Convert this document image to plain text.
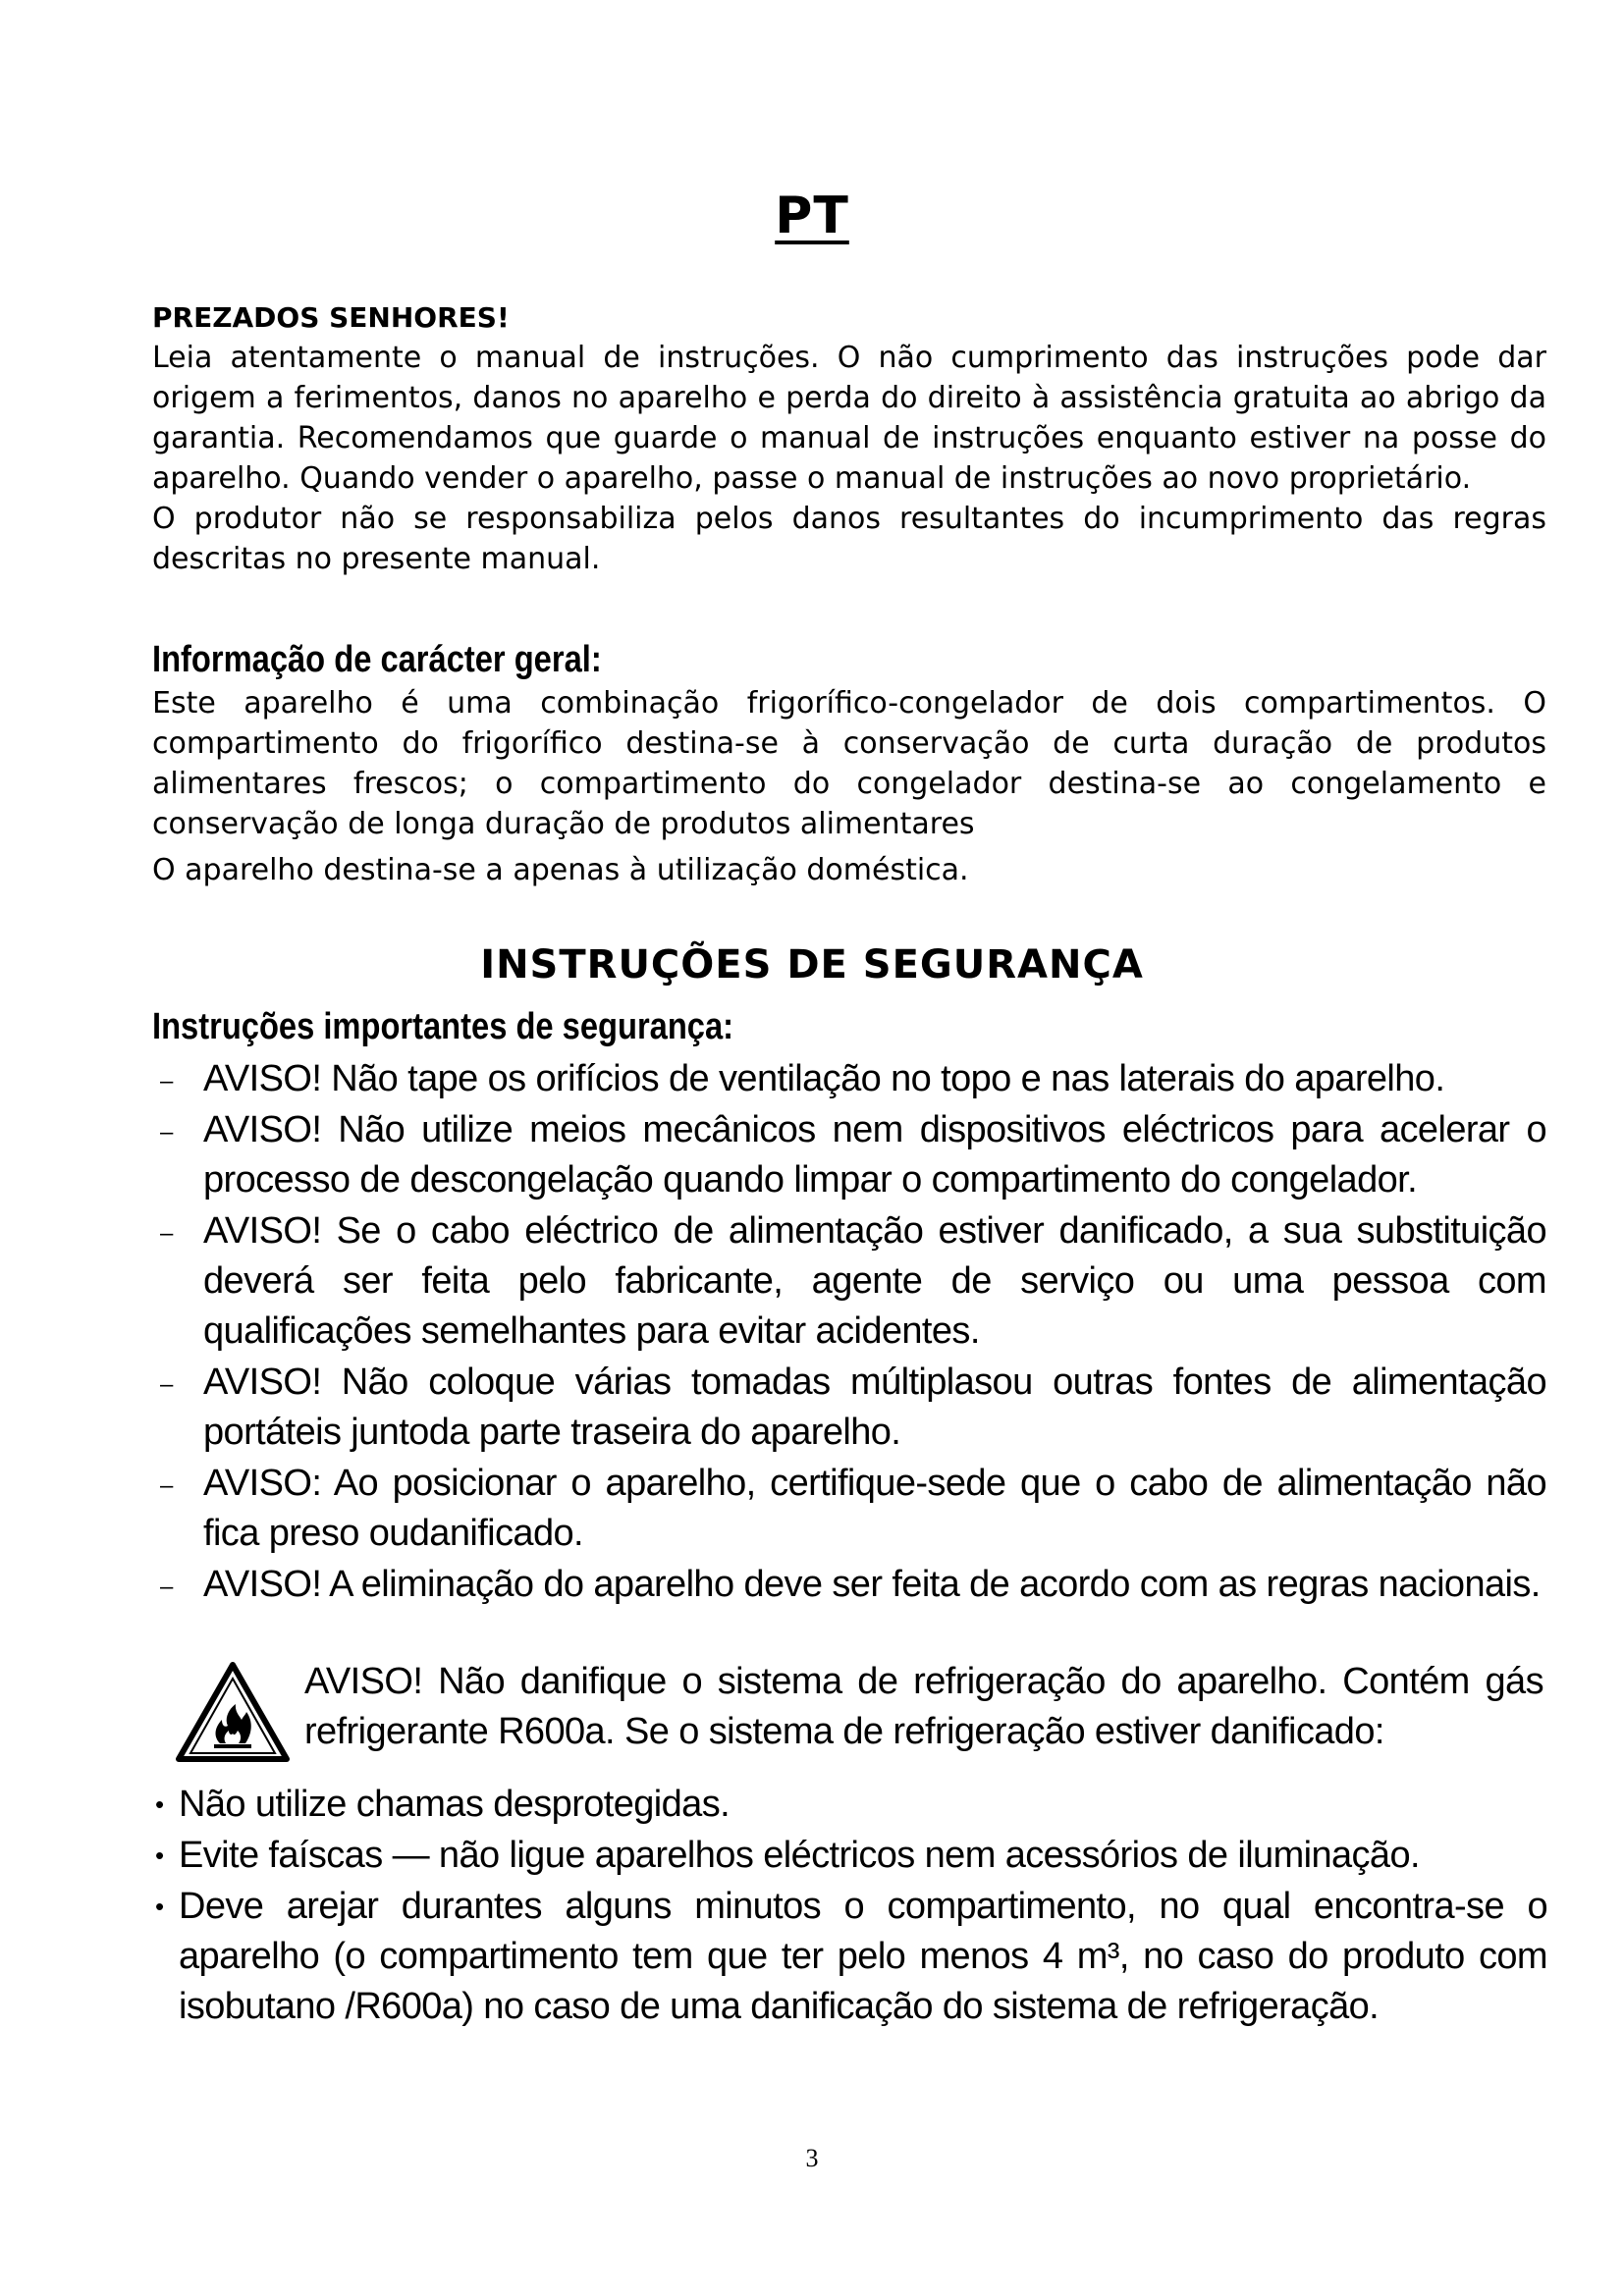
PT

PREZADOS SENHORES!

Leia atentamente o manual de instruções. O não cumprimento das instruções pode dar origem a ferimentos, danos no aparelho e perda do direito à assistência gratuita ao abrigo da garantia. Recomendamos que guarde o manual de instruções enquanto estiver na posse do aparelho. Quando vender o aparelho, passe o manual de instruções ao novo proprietário.

O produtor não se responsabiliza pelos danos resultantes do incumprimento das regras descritas no presente manual.

Informação de carácter geral:

Este aparelho é uma combinação frigorífico-congelador de dois compartimentos. O compartimento do frigorífico destina-se à conservação de curta duração de produtos alimentares frescos; o compartimento do congelador destina-se ao congelamento e conservação de longa duração de produtos alimentares

O aparelho destina-se a apenas à utilização doméstica.

INSTRUÇÕES DE SEGURANÇA

Instruções importantes de segurança:

– AVISO! Não tape os orifícios de ventilação no topo e nas laterais do aparelho.
– AVISO! Não utilize meios mecânicos nem dispositivos eléctricos para acelerar o processo de descongelação quando limpar o compartimento do congelador.
– AVISO! Se o cabo eléctrico de alimentação estiver danificado, a sua substituição deverá ser feita pelo fabricante, agente de serviço ou uma pessoa com qualificações semelhantes para evitar acidentes.
– AVISO! Não coloque várias tomadas múltiplasou outras fontes de alimentação portáteis juntoda parte traseira do aparelho.
– AVISO: Ao posicionar o aparelho, certifique-sede que o cabo de alimentação não fica preso oudanificado.
– AVISO! A eliminação do aparelho deve ser feita de acordo com as regras nacionais.
AVISO! Não danifique o sistema de refrigeração do aparelho. Contém gás refrigerante R600a. Se o sistema de refrigeração estiver danificado:
• Não utilize chamas desprotegidas.
• Evite faíscas — não ligue aparelhos eléctricos nem acessórios de iluminação.
• Deve arejar durantes alguns minutos o compartimento, no qual encontra-se o aparelho (o compartimento tem que ter pelo menos 4 m³, no caso do produto com isobutano /R600a) no caso de uma danificação do sistema de refrigeração.
3
